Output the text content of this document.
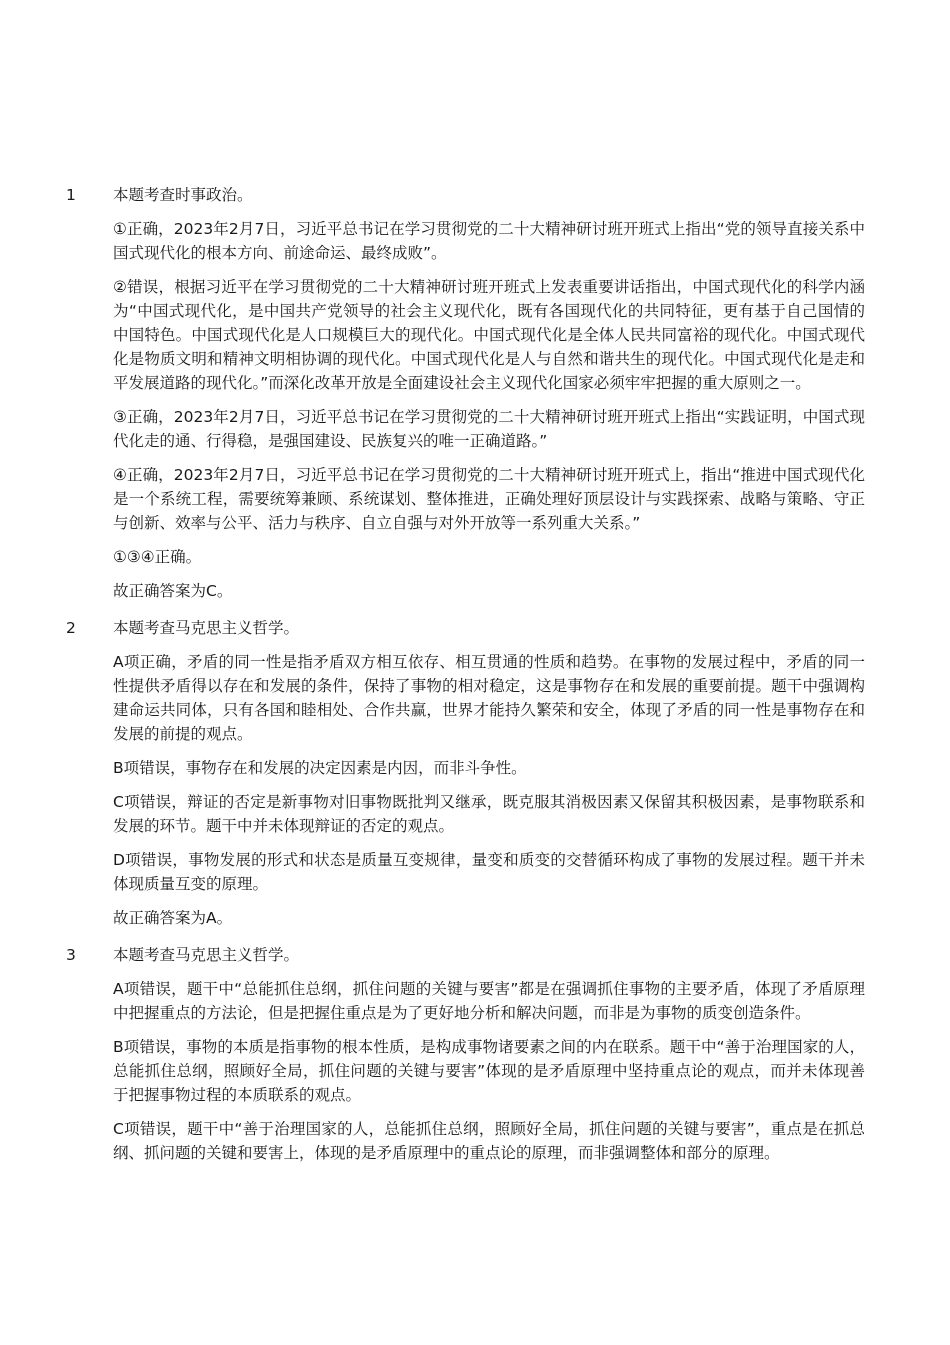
1 本题考查时事政治。
①正确，2023年2月7日，习近平总书记在学习贯彻党的二十大精神研讨班开班式上指出“党的领导直接关系中国式现代化的根本方向、前途命运、最终成败”。
②错误，根据习近平在学习贯彻党的二十大精神研讨班开班式上发表重要讲话指出，中国式现代化的科学内涵为“中国式现代化，是中国共产党领导的社会主义现代化，既有各国现代化的共同特征，更有基于自己国情的中国特色。中国式现代化是人口规模巨大的现代化。中国式现代化是全体人民共同富裕的现代化。中国式现代化是物质文明和精神文明相协调的现代化。中国式现代化是人与自然和谐共生的现代化。中国式现代化是走和平发展道路的现代化。”而深化改革开放是全面建设社会主义现代化国家必须牢牢把握的重大原则之一。
③正确，2023年2月7日，习近平总书记在学习贯彻党的二十大精神研讨班开班式上指出“实践证明，中国式现代化走的通、行得稳，是强国建设、民族复兴的唯一正确道路。”
④正确，2023年2月7日，习近平总书记在学习贯彻党的二十大精神研讨班开班式上，指出“推进中国式现代化是一个系统工程，需要统筹兼顾、系统谋划、整体推进，正确处理好顶层设计与实践探索、战略与策略、守正与创新、效率与公平、活力与秩序、自立自强与对外开放等一系列重大关系。”
①③④正确。
故正确答案为C。
2 本题考查马克思主义哲学。
A项正确，矛盾的同一性是指矛盾双方相互依存、相互贯通的性质和趋势。在事物的发展过程中，矛盾的同一性提供矛盾得以存在和发展的条件，保持了事物的相对稳定，这是事物存在和发展的重要前提。题干中强调构建命运共同体，只有各国和睦相处、合作共赢，世界才能持久繁荣和安全，体现了矛盾的同一性是事物存在和发展的前提的观点。
B项错误，事物存在和发展的决定因素是内因，而非斗争性。
C项错误，辩证的否定是新事物对旧事物既批判又继承，既克服其消极因素又保留其积极因素，是事物联系和发展的环节。题干中并未体现辩证的否定的观点。
D项错误，事物发展的形式和状态是质量互变规律，量变和质变的交替循环构成了事物的发展过程。题干并未体现质量互变的原理。
故正确答案为A。
3 本题考查马克思主义哲学。
A项错误，题干中“总能抓住总纲，抓住问题的关键与要害”都是在强调抓住事物的主要矛盾，体现了矛盾原理中把握重点的方法论，但是把握住重点是为了更好地分析和解决问题，而非是为事物的质变创造条件。
B项错误，事物的本质是指事物的根本性质，是构成事物诸要素之间的内在联系。题干中“善于治理国家的人，总能抓住总纲，照顾好全局，抓住问题的关键与要害”体现的是矛盾原理中坚持重点论的观点，而并未体现善于把握事物过程的本质联系的观点。
C项错误，题干中“善于治理国家的人，总能抓住总纲，照顾好全局，抓住问题的关键与要害”，重点是在抓总纲、抓问题的关键和要害上，体现的是矛盾原理中的重点论的原理，而非强调整体和部分的原理。
